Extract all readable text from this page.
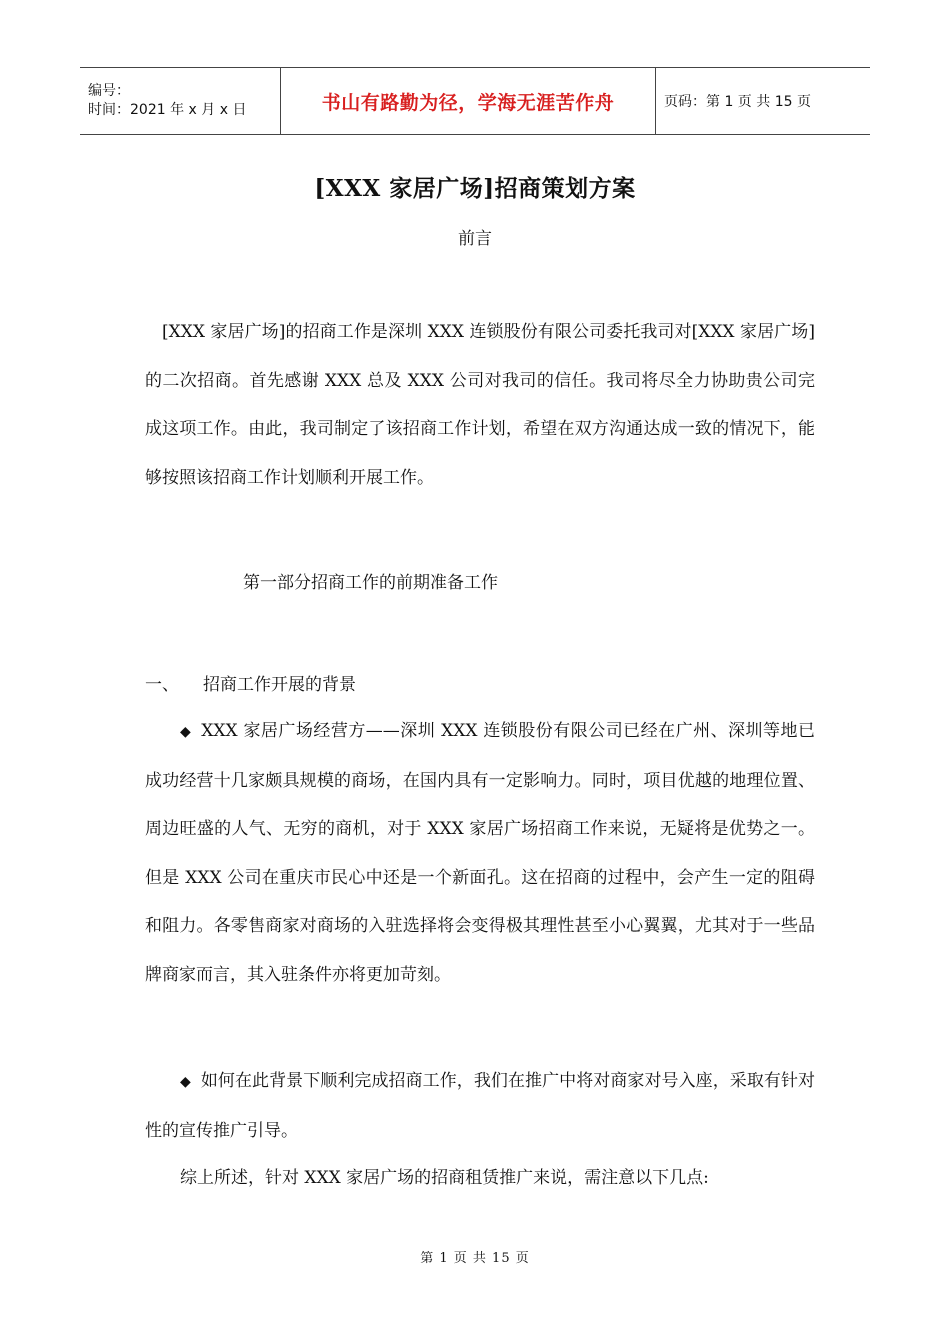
编号：
时间：2021 年 x 月 x 日	书山有路勤为径，学海无涯苦作舟	页码：第 1 页 共 15 页
[XXX 家居广场]招商策划方案
前言
[XXX 家居广场]的招商工作是深圳 XXX 连锁股份有限公司委托我司对[XXX 家居广场]的二次招商。首先感谢 XXX 总及 XXX 公司对我司的信任。我司将尽全力协助贵公司完成这项工作。由此，我司制定了该招商工作计划，希望在双方沟通达成一致的情况下，能够按照该招商工作计划顺利开展工作。
第一部分招商工作的前期准备工作
一、 招商工作开展的背景
◆ XXX 家居广场经营方——深圳 XXX 连锁股份有限公司已经在广州、深圳等地已成功经营十几家颇具规模的商场，在国内具有一定影响力。同时，项目优越的地理位置、周边旺盛的人气、无穷的商机，对于 XXX 家居广场招商工作来说，无疑将是优势之一。但是 XXX 公司在重庆市民心中还是一个新面孔。这在招商的过程中，会产生一定的阻碍和阻力。各零售商家对商场的入驻选择将会变得极其理性甚至小心翼翼，尤其对于一些品牌商家而言，其入驻条件亦将更加苛刻。
◆ 如何在此背景下顺利完成招商工作，我们在推广中将对商家对号入座，采取有针对性的宣传推广引导。
综上所述，针对 XXX 家居广场的招商租赁推广来说，需注意以下几点:
第 1 页 共 15 页
